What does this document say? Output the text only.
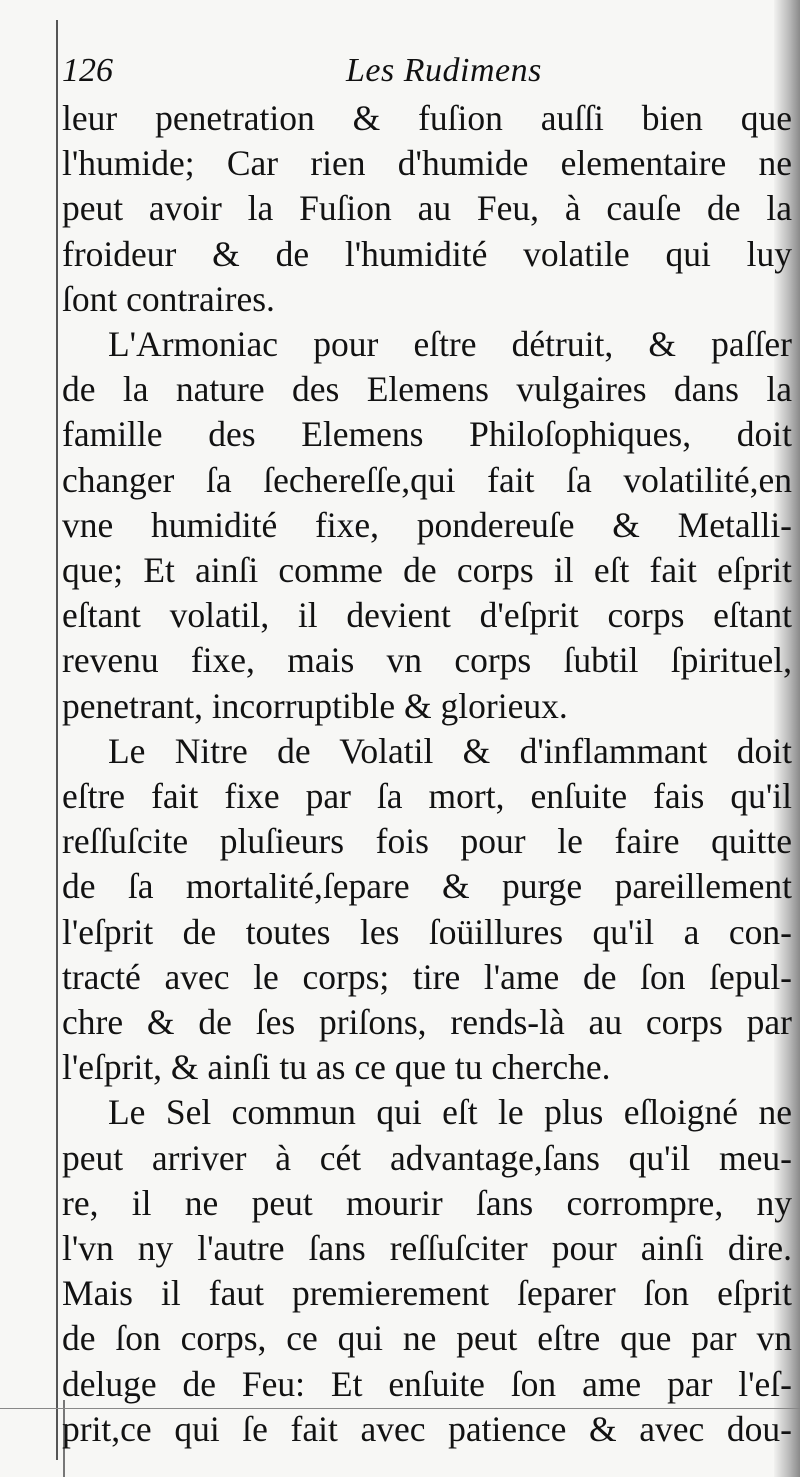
126	Les Rudimens
leur penetration & fuſion auſſi bien que
l'humide; Car rien d'humide elementaire ne
peut avoir la Fuſion au Feu, à cauſe de la
froideur & de l'humidité volatile qui luy
ſont contraires.
L'Armoniac pour eſtre détruit, & paſſer
de la nature des Elemens vulgaires dans la
famille des Elemens Philoſophiques, doit
changer ſa ſechereſſe,qui fait ſa volatilité,en
vne humidité fixe, pondereuſe & Metalli-
que; Et ainſi comme de corps il eſt fait eſprit
eſtant volatil, il devient d'eſprit corps eſtant
revenu fixe, mais vn corps ſubtil ſpirituel,
penetrant, incorruptible & glorieux.
Le Nitre de Volatil & d'inflammant doit
eſtre fait fixe par ſa mort, enſuite fais qu'il
reſſuſcite pluſieurs fois pour le faire quitte
de ſa mortalité,ſepare & purge pareillement
l'eſprit de toutes les ſoüillures qu'il a con-
tracté avec le corps; tire l'ame de ſon ſepul-
chre & de ſes priſons, rends-là au corps par
l'eſprit, & ainſi tu as ce que tu cherche.
Le Sel commun qui eſt le plus eſloigné ne
peut arriver à cét advantage,ſans qu'il meu-
re, il ne peut mourir ſans corrompre, ny
l'vn ny l'autre ſans reſſuſciter pour ainſi dire.
Mais il faut premierement ſeparer ſon eſprit
de ſon corps, ce qui ne peut eſtre que par vn
deluge de Feu: Et enſuite ſon ame par l'eſ-
prit,ce qui ſe fait avec patience & avec dou-
